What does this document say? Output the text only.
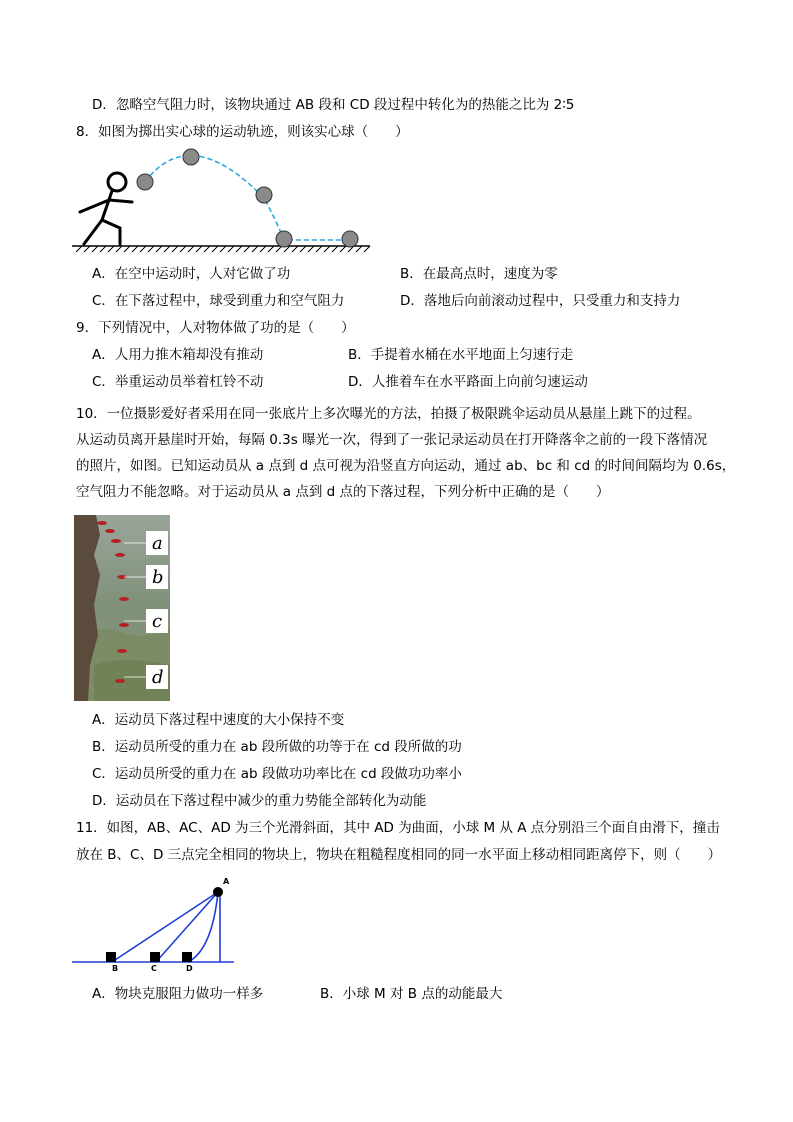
D．忽略空气阻力时，该物块通过 AB 段和 CD 段过程中转化为的热能之比为 2∶5
8．如图为掷出实心球的运动轨迹，则该实心球（　　）
A．在空中运动时，人对它做了功	B．在最高点时，速度为零
C．在下落过程中，球受到重力和空气阻力	D．落地后向前滚动过程中，只受重力和支持力
9．下列情况中，人对物体做了功的是（　　）
A．人用力推木箱却没有推动	B．手提着水桶在水平地面上匀速行走
C．举重运动员举着杠铃不动	D．人推着车在水平路面上向前匀速运动
10．一位摄影爱好者采用在同一张底片上多次曝光的方法，拍摄了极限跳伞运动员从悬崖上跳下的过程。
从运动员离开悬崖时开始，每隔 0.3s 曝光一次，得到了一张记录运动员在打开降落伞之前的一段下落情况
的照片，如图。已知运动员从 a 点到 d 点可视为沿竖直方向运动，通过 ab、bc 和 cd 的时间间隔均为 0.6s，
空气阻力不能忽略。对于运动员从 a 点到 d 点的下落过程，下列分析中正确的是（　　）
a
b
c
d
A．运动员下落过程中速度的大小保持不变
B．运动员所受的重力在 ab 段所做的功等于在 cd 段所做的功
C．运动员所受的重力在 ab 段做功功率比在 cd 段做功功率小
D．运动员在下落过程中减少的重力势能全部转化为动能
11．如图，AB、AC、AD 为三个光滑斜面，其中 AD 为曲面，小球 M 从 A 点分别沿三个面自由滑下，撞击
放在 B、C、D 三点完全相同的物块上，物块在粗糙程度相同的同一水平面上移动相同距离停下，则（　　）
A
B	C	D
A．物块克服阻力做功一样多	B．小球 M 对 B 点的动能最大
